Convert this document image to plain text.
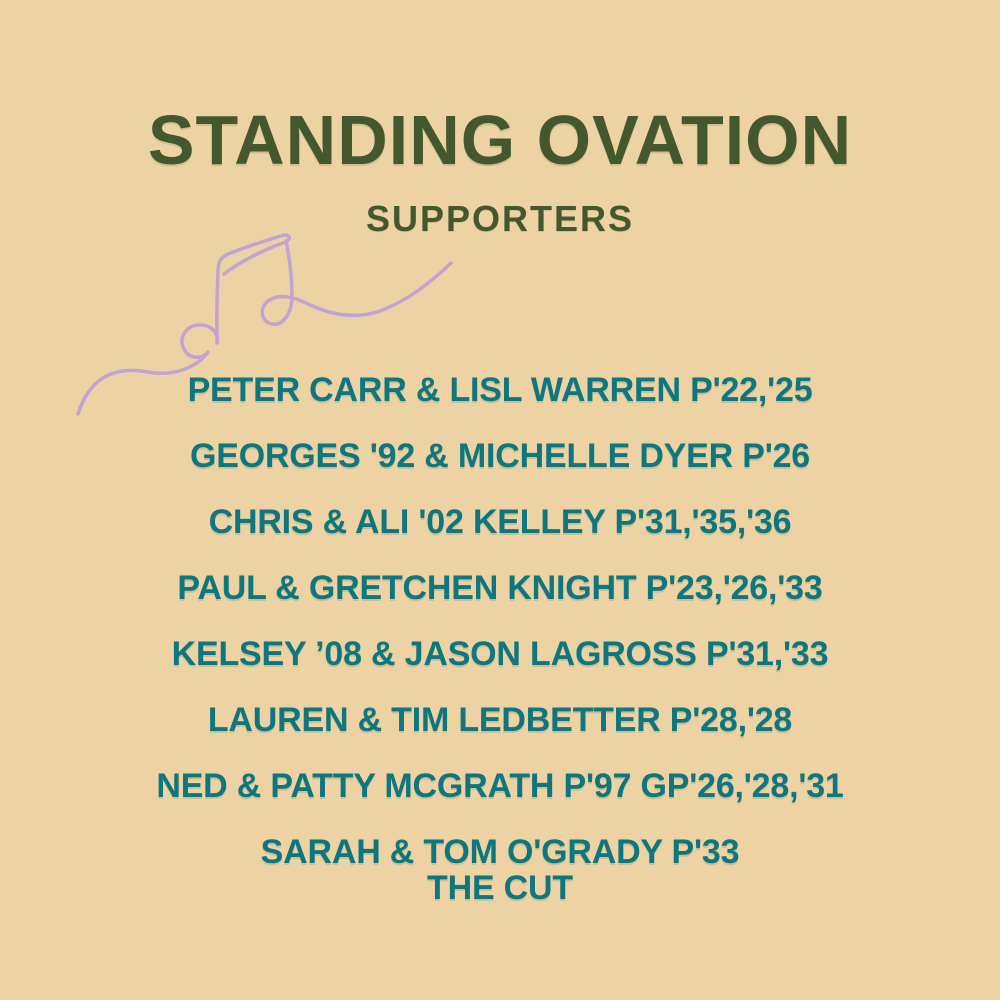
STANDING OVATION
SUPPORTERS
PETER CARR & LISL WARREN P'22,'25
GEORGES '92 & MICHELLE DYER P'26
CHRIS & ALI '02 KELLEY P'31,'35,'36
PAUL & GRETCHEN KNIGHT P'23,'26,'33
KELSEY ’08 & JASON LAGROSS P'31,'33
LAUREN & TIM LEDBETTER P'28,'28
NED & PATTY MCGRATH P'97 GP'26,'28,'31
SARAH & TOM O'GRADY P'33
THE CUT
